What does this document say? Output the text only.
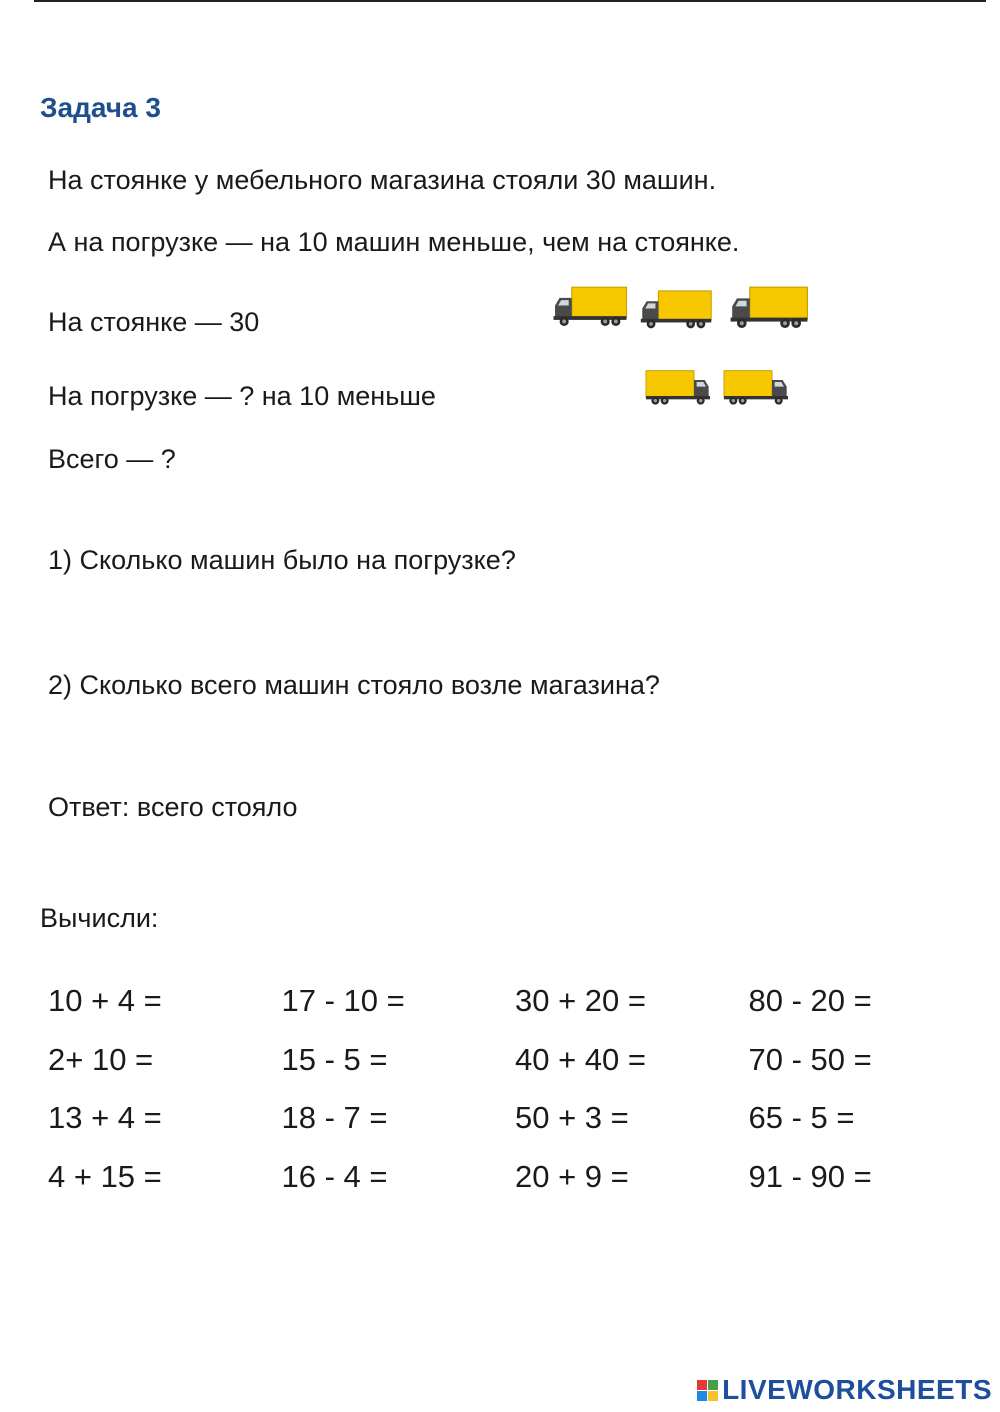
Задача 3
На стоянке у мебельного магазина стояли 30 машин.
А на погрузке — на 10 машин меньше, чем на стоянке.
На стоянке — 30
На погрузке — ? на 10 меньше
Всего — ?
1) Сколько машин было на погрузке?
2) Сколько всего машин стояло возле магазина?
Ответ: всего стояло
Вычисли:
10 + 4 =	17 - 10 =	30 + 20 =	80 - 20 =
2+ 10 =	15 - 5 =	40 + 40 =	70 - 50 =
13 + 4 =	18 - 7 =	50 + 3 =	65 - 5 =
4 + 15 =	16 - 4 =	20 + 9 =	91 - 90 =
LIVEWORKSHEETS
